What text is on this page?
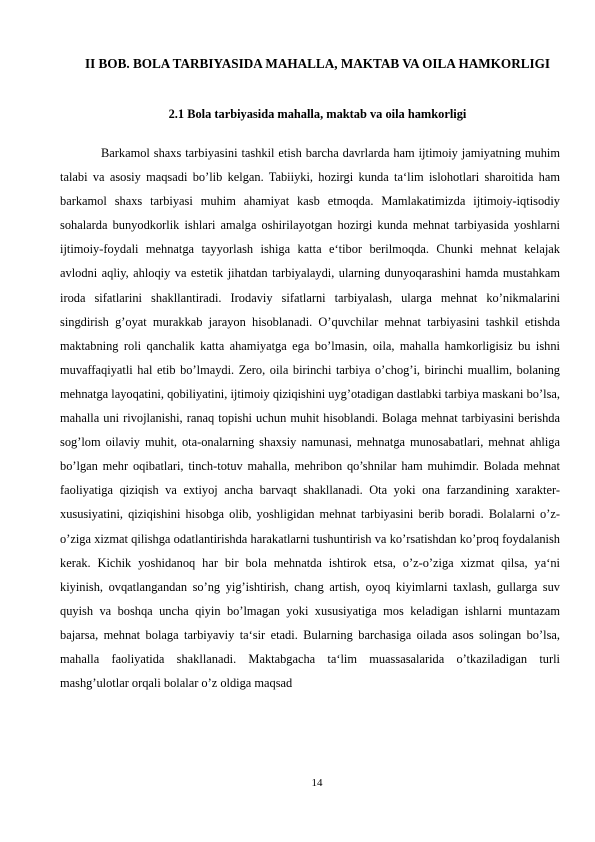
II BOB. BOLA TARBIYASIDA MAHALLA, MAKTAB VA OILA HAMKORLIGI
2.1 Bola tarbiyasida mahalla, maktab va oila hamkorligi

Barkamol shaxs tarbiyasini tashkil etish barcha davrlarda ham ijtimoiy jamiyatning muhim talabi va asosiy maqsadi bo’lib kelgan. Tabiiyki, hozirgi kunda ta‘lim islohotlari sharoitida ham barkamol shaxs tarbiyasi muhim ahamiyat kasb etmoqda. Mamlakatimizda ijtimoiy-iqtisodiy sohalarda bunyodkorlik ishlari amalga oshirilayotgan hozirgi kunda mehnat tarbiyasida yoshlarni ijtimoiy-foydali mehnatga tayyorlash ishiga katta e‘tibor berilmoqda. Chunki mehnat kelajak avlodni aqliy, ahloqiy va estetik jihatdan tarbiyalaydi, ularning dunyoqarashini hamda mustahkam iroda sifatlarini shakllantiradi. Irodaviy sifatlarni tarbiyalash, ularga mehnat ko’nikmalarini singdirish g’oyat murakkab jarayon hisoblanadi. O’quvchilar mehnat tarbiyasini tashkil etishda maktabning roli qanchalik katta ahamiyatga ega bo’lmasin, oila, mahalla hamkorligisiz bu ishni muvaffaqiyatli hal etib bo’lmaydi. Zero, oila birinchi tarbiya o’chog’i, birinchi muallim, bolaning mehnatga layoqatini, qobiliyatini, ijtimoiy qiziqishini uyg’otadigan dastlabki tarbiya maskani bo’lsa, mahalla uni rivojlanishi, ranaq topishi uchun muhit hisoblandi. Bolaga mehnat tarbiyasini berishda sog’lom oilaviy muhit, ota-onalarning shaxsiy namunasi, mehnatga munosabatlari, mehnat ahliga bo’lgan mehr oqibatlari, tinch-totuv mahalla, mehribon qo’shnilar ham muhimdir. Bolada mehnat faoliyatiga qiziqish va extiyoj ancha barvaqt shakllanadi. Ota yoki ona farzandining xarakter-xususiyatini, qiziqishini hisobga olib, yoshligidan mehnat tarbiyasini berib boradi. Bolalarni o’z-o’ziga xizmat qilishga odatlantirishda harakatlarni tushuntirish va ko’rsatishdan ko’proq foydalanish kerak. Kichik yoshidanoq har bir bola mehnatda ishtirok etsa, o’z-o’ziga xizmat qilsa, ya‘ni kiyinish, ovqatlangandan so’ng yig’ishtirish, chang artish, oyoq kiyimlarni taxlash, gullarga suv quyish va boshqa uncha qiyin bo’lmagan yoki xususiyatiga mos keladigan ishlarni muntazam bajarsa, mehnat bolaga tarbiyaviy ta‘sir etadi. Bularning barchasiga oilada asos solingan bo’lsa, mahalla faoliyatida shakllanadi. Maktabgacha ta‘lim muassasalarida o’tkaziladigan turli mashg’ulotlar orqali bolalar o’z oldiga maqsad

14
